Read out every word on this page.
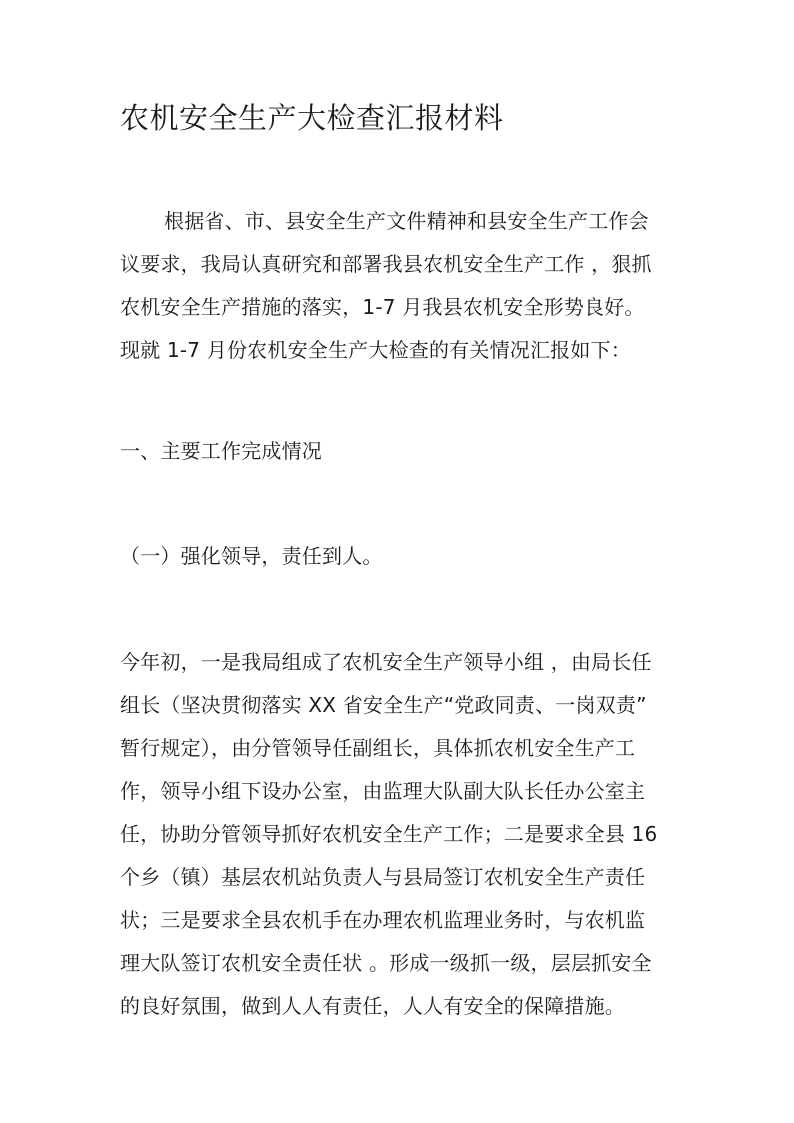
农机安全生产大检查汇报材料
根据省、市、县安全生产文件精神和县安全生产工作会
议要求，我局认真研究和部署我县农机安全生产工作 ，狠抓
农机安全生产措施的落实，1-7 月我县农机安全形势良好。
现就 1-7 月份农机安全生产大检查的有关情况汇报如下：
一、主要工作完成情况
（一）强化领导，责任到人。
今年初，一是我局组成了农机安全生产领导小组 ，由局长任
组长（坚决贯彻落实 XX 省安全生产“党政同责、一岗双责”
暂行规定），由分管领导任副组长，具体抓农机安全生产工
作，领导小组下设办公室，由监理大队副大队长任办公室主
任，协助分管领导抓好农机安全生产工作；二是要求全县 16
个乡（镇）基层农机站负责人与县局签订农机安全生产责任
状；三是要求全县农机手在办理农机监理业务时，与农机监
理大队签订农机安全责任状 。形成一级抓一级，层层抓安全
的良好氛围，做到人人有责任，人人有安全的保障措施。
